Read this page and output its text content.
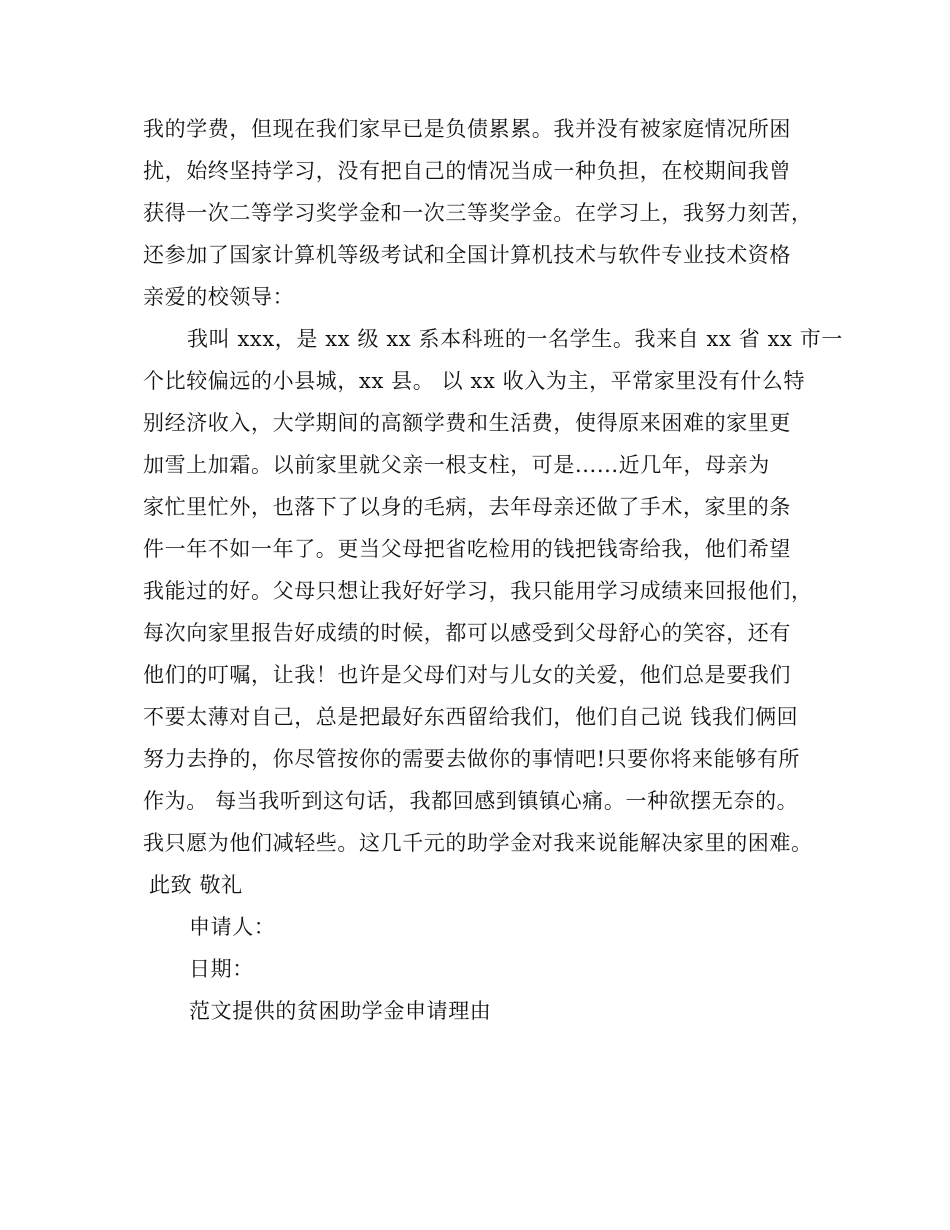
我的学费，但现在我们家早已是负债累累。我并没有被家庭情况所困
扰，始终坚持学习，没有把自己的情况当成一种负担，在校期间我曾
获得一次二等学习奖学金和一次三等奖学金。在学习上，我努力刻苦，
还参加了国家计算机等级考试和全国计算机技术与软件专业技术资格
亲爱的校领导：
我叫 xxx，是 xx 级 xx 系本科班的一名学生。我来自 xx 省 xx 市一
个比较偏远的小县城，xx 县。 以 xx 收入为主，平常家里没有什么特
别经济收入，大学期间的高额学费和生活费，使得原来困难的家里更
加雪上加霜。以前家里就父亲一根支柱，可是......近几年，母亲为
家忙里忙外，也落下了以身的毛病，去年母亲还做了手术，家里的条
件一年不如一年了。更当父母把省吃检用的钱把钱寄给我，他们希望
我能过的好。父母只想让我好好学习，我只能用学习成绩来回报他们，
每次向家里报告好成绩的时候，都可以感受到父母舒心的笑容，还有
他们的叮嘱，让我！也许是父母们对与儿女的关爱，他们总是要我们
不要太薄对自己，总是把最好东西留给我们，他们自己说 钱我们俩回
努力去挣的，你尽管按你的需要去做你的事情吧!只要你将来能够有所
作为。 每当我听到这句话，我都回感到镇镇心痛。一种欲摆无奈的。
我只愿为他们减轻些。这几千元的助学金对我来说能解决家里的困难。
此致 敬礼
申请人：
日期：
范文提供的贫困助学金申请理由
